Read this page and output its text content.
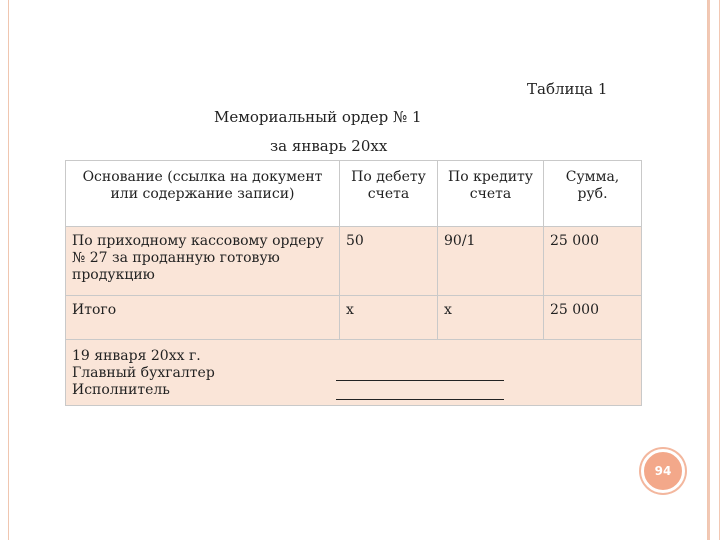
Таблица 1
Мемориальный ордер № 1
за январь 20хх
Основание (ссылка на документ или содержание записи)	По дебету счета	По кредиту счета	Сумма, руб.
По приходному кассовому ордеру № 27 за проданную готовую продукцию	50	90/1	25 000
Итого	х	х	25 000

19 января 20хх г.
Главный бухгалтер
Исполнитель			
94
